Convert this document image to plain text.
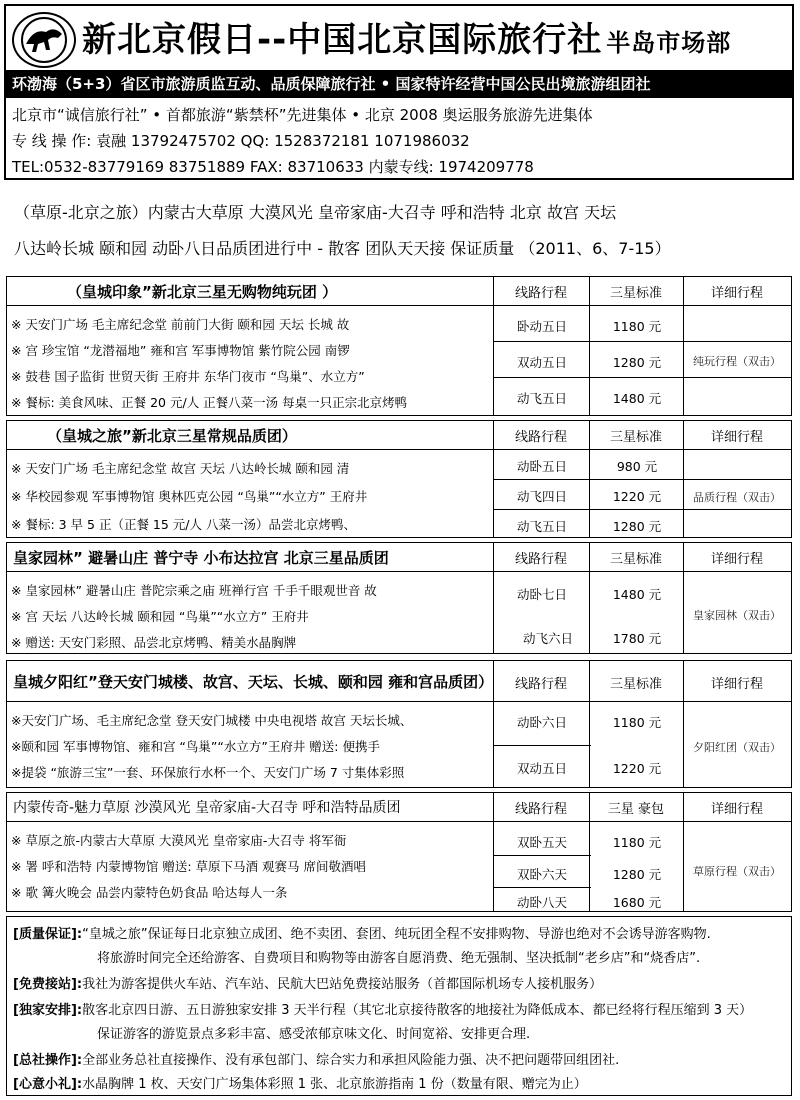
新北京假日--中国北京国际旅行社 半岛市场部
环渤海（5+3）省区市旅游质监互动、品质保障旅行社 • 国家特许经营中国公民出境旅游组团社
北京市“诚信旅行社” • 首都旅游“紫禁杯”先进集体 • 北京 2008 奥运服务旅游先进集体
专 线 操 作: 袁融 13792475702 QQ: 1528372181 1071986032
TEL:0532-83779169 83751889 FAX: 83710633 内蒙专线: 1974209778
（草原-北京之旅）内蒙古大草原 大漠风光 皇帝家庙-大召寺 呼和浩特 北京 故宫 天坛
八达岭长城 颐和园 动卧八日品质团进行中 - 散客 团队天天接 保证质量 （2011、6、7-15）
（皇城印象”新北京三星无购物纯玩团 ）	线路行程	三星标准	详细行程
※ 天安门广场 毛主席纪念堂 前前门大街 颐和园 天坛 长城 故
※ 宫 珍宝馆 “龙潜福地” 雍和宫 军事博物馆 紫竹院公园 南锣
※ 鼓巷 国子监街 世贸天街 王府井 东华门夜市 “鸟巢”、水立方”
※ 餐标: 美食风味、正餐 20 元/人 正餐八菜一汤 每桌一只正宗北京烤鸭
卧动五日	1180 元
双动五日	1280 元
动飞五日	1480 元
纯玩行程（双击）
（皇城之旅”新北京三星常规品质团）	线路行程	三星标准	详细行程
※ 天安门广场 毛主席纪念堂 故宫 天坛 八达岭长城 颐和园 清
※ 华校园参观 军事博物馆 奥林匹克公园 “鸟巢”“水立方” 王府井
※ 餐标: 3 早 5 正（正餐 15 元/人 八菜一汤）品尝北京烤鸭、
动卧五日	980 元
动飞四日	1220 元
动飞五日	1280 元
品质行程（双击）
皇家园林” 避暑山庄 普宁寺 小布达拉宫 北京三星品质团	线路行程	三星标准	详细行程
※ 皇家园林” 避暑山庄 普陀宗乘之庙 班禅行宫 千手千眼观世音 故
※ 宫 天坛 八达岭长城 颐和园 “鸟巢”“水立方” 王府井
※ 赠送: 天安门彩照、品尝北京烤鸭、精美水晶胸牌
动卧七日	1480 元
动飞六日	1780 元
皇家园林（双击）
皇城夕阳红”登天安门城楼、故宫、天坛、长城、颐和园 雍和宫品质团）	线路行程	三星标准	详细行程
※天安门广场、毛主席纪念堂 登天安门城楼 中央电视塔 故宫 天坛长城、
※颐和园 军事博物馆、雍和宫 “鸟巢”“水立方”王府井 赠送: 便携手
※提袋 “旅游三宝”一套、环保旅行水杯一个、天安门广场 7 寸集体彩照
动卧六日	1180 元
双动五日	1220 元
夕阳红团（双击）
内蒙传奇-魅力草原 沙漠风光 皇帝家庙-大召寺 呼和浩特品质团	线路行程	三星 豪包	详细行程
※ 草原之旅-内蒙古大草原 大漠风光 皇帝家庙-大召寺 将军衙
※ 署 呼和浩特 内蒙博物馆 赠送: 草原下马酒 观赛马 席间敬酒唱
※ 歌 篝火晚会 品尝内蒙特色奶食品 哈达每人一条
双卧五天	1180 元
双卧六天	1280 元
动卧八天	1680 元
草原行程（双击）
[质量保证]:“皇城之旅”保证每日北京独立成团、绝不卖团、套团、纯玩团全程不安排购物、导游也绝对不会诱导游客购物.
将旅游时间完全还给游客、自费项目和购物等由游客自愿消费、绝无强制、坚决抵制“老乡店”和“烧香店”.
[免费接站]:我社为游客提供火车站、汽车站、民航大巴站免费接站服务（首都国际机场专人接机服务）
[独家安排]:散客北京四日游、五日游独家安排 3 天半行程（其它北京接待散客的地接社为降低成本、都已经将行程压缩到 3 天）
保证游客的游览景点多彩丰富、感受浓郁京味文化、时间宽裕、安排更合理.
[总社操作]:全部业务总社直接操作、没有承包部门、综合实力和承担风险能力强、决不把问题带回组团社.
[心意小礼]:水晶胸牌 1 枚、天安门广场集体彩照 1 张、北京旅游指南 1 份（数量有限、赠完为止）
